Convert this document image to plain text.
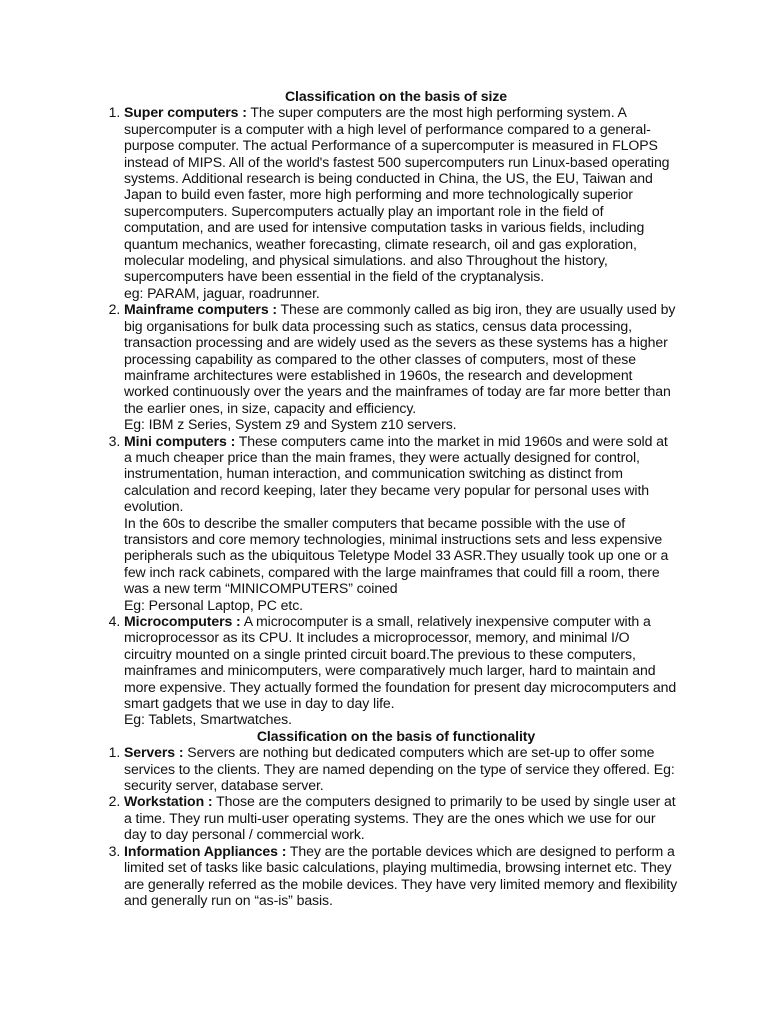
Classification on the basis of size

1. Super computers : The super computers are the most high performing system. A supercomputer is a computer with a high level of performance compared to a general-purpose computer. The actual Performance of a supercomputer is measured in FLOPS instead of MIPS. All of the world's fastest 500 supercomputers run Linux-based operating systems. Additional research is being conducted in China, the US, the EU, Taiwan and Japan to build even faster, more high performing and more technologically superior supercomputers. Supercomputers actually play an important role in the field of computation, and are used for intensive computation tasks in various fields, including quantum mechanics, weather forecasting, climate research, oil and gas exploration, molecular modeling, and physical simulations. and also Throughout the history, supercomputers have been essential in the field of the cryptanalysis.

eg: PARAM, jaguar, roadrunner.

2. Mainframe computers : These are commonly called as big iron, they are usually used by big organisations for bulk data processing such as statics, census data processing, transaction processing and are widely used as the severs as these systems has a higher processing capability as compared to the other classes of computers, most of these mainframe architectures were established in 1960s, the research and development worked continuously over the years and the mainframes of today are far more better than the earlier ones, in size, capacity and efficiency.

Eg: IBM z Series, System z9 and System z10 servers.

3. Mini computers : These computers came into the market in mid 1960s and were sold at a much cheaper price than the main frames, they were actually designed for control, instrumentation, human interaction, and communication switching as distinct from calculation and record keeping, later they became very popular for personal uses with evolution.

In the 60s to describe the smaller computers that became possible with the use of transistors and core memory technologies, minimal instructions sets and less expensive peripherals such as the ubiquitous Teletype Model 33 ASR.They usually took up one or a few inch rack cabinets, compared with the large mainframes that could fill a room, there was a new term “MINICOMPUTERS” coined

Eg: Personal Laptop, PC etc.

4. Microcomputers : A microcomputer is a small, relatively inexpensive computer with a microprocessor as its CPU. It includes a microprocessor, memory, and minimal I/O circuitry mounted on a single printed circuit board.The previous to these computers, mainframes and minicomputers, were comparatively much larger, hard to maintain and more expensive. They actually formed the foundation for present day microcomputers and smart gadgets that we use in day to day life.

Eg: Tablets, Smartwatches.

Classification on the basis of functionality

1. Servers : Servers are nothing but dedicated computers which are set-up to offer some services to the clients. They are named depending on the type of service they offered. Eg: security server, database server.

2. Workstation : Those are the computers designed to primarily to be used by single user at a time. They run multi-user operating systems. They are the ones which we use for our day to day personal / commercial work.

3. Information Appliances : They are the portable devices which are designed to perform a limited set of tasks like basic calculations, playing multimedia, browsing internet etc. They are generally referred as the mobile devices. They have very limited memory and flexibility and generally run on “as-is” basis.
